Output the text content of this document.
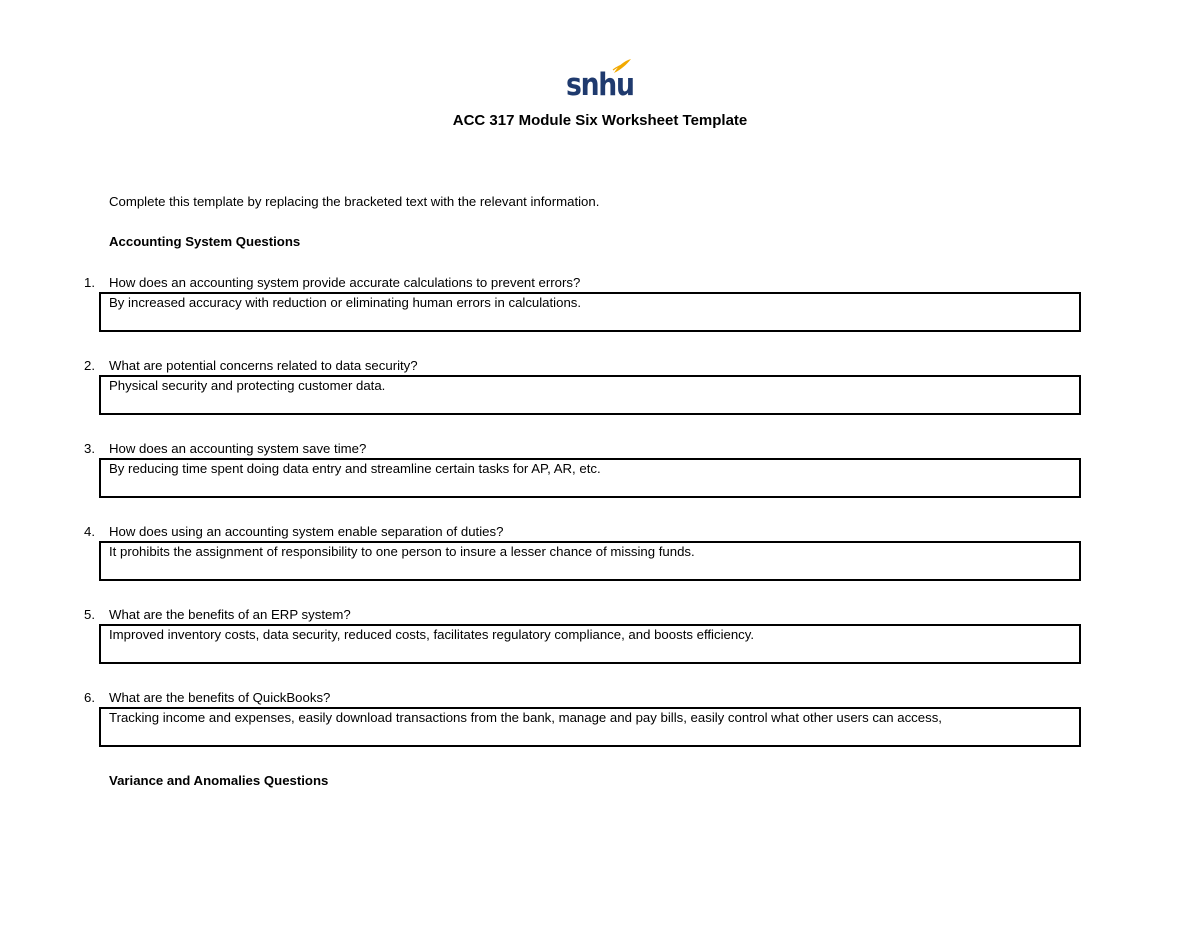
snhu
ACC 317 Module Six Worksheet Template
Complete this template by replacing the bracketed text with the relevant information.
Accounting System Questions
1. How does an accounting system provide accurate calculations to prevent errors?
By increased accuracy with reduction or eliminating human errors in calculations.
2. What are potential concerns related to data security?
Physical security and protecting customer data.
3. How does an accounting system save time?
By reducing time spent doing data entry and streamline certain tasks for AP, AR, etc.
4. How does using an accounting system enable separation of duties?
It prohibits the assignment of responsibility to one person to insure a lesser chance of missing funds.
5. What are the benefits of an ERP system?
Improved inventory costs, data security, reduced costs, facilitates regulatory compliance, and boosts efficiency.
6. What are the benefits of QuickBooks?
Tracking income and expenses, easily download transactions from the bank, manage and pay bills, easily control what other users can access,
Variance and Anomalies Questions
